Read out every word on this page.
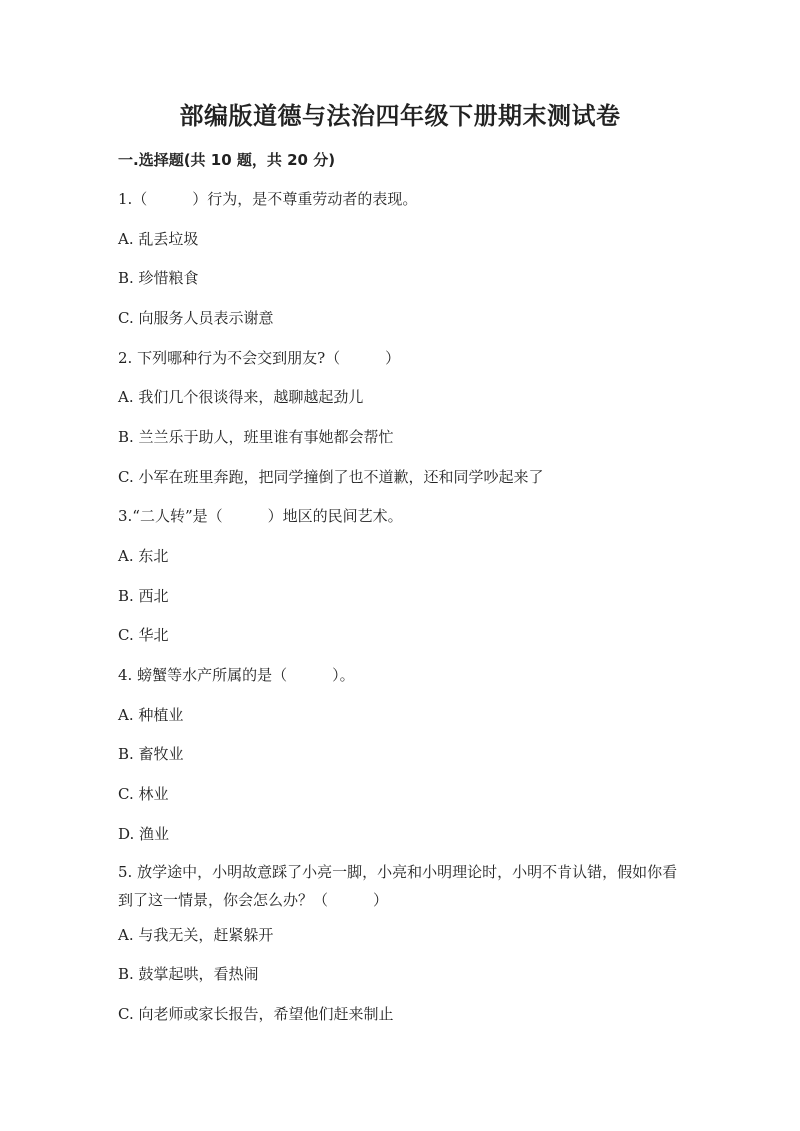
部编版道德与法治四年级下册期末测试卷
一.选择题(共 10 题，共 20 分)
1.（　　　）行为，是不尊重劳动者的表现。
A. 乱丢垃圾
B. 珍惜粮食
C. 向服务人员表示谢意
2. 下列哪种行为不会交到朋友?（　　　）
A. 我们几个很谈得来，越聊越起劲儿
B. 兰兰乐于助人，班里谁有事她都会帮忙
C. 小军在班里奔跑，把同学撞倒了也不道歉，还和同学吵起来了
3.“二人转”是（　　　）地区的民间艺术。
A. 东北
B. 西北
C. 华北
4. 螃蟹等水产所属的是（　　　）。
A. 种植业
B. 畜牧业
C. 林业
D. 渔业
5. 放学途中，小明故意踩了小亮一脚，小亮和小明理论时，小明不肯认错，假如你看到了这一情景，你会怎么办？（　　　）
A. 与我无关，赶紧躲开
B. 鼓掌起哄，看热闹
C. 向老师或家长报告，希望他们赶来制止
